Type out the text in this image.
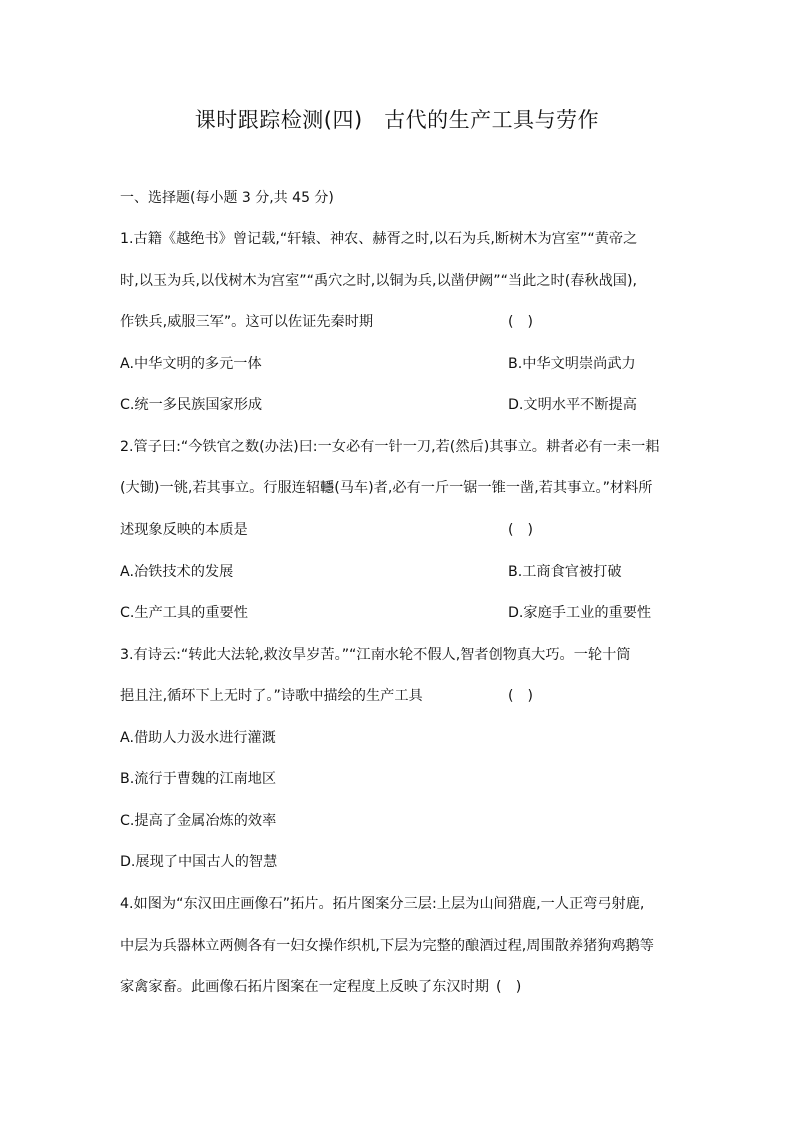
课时跟踪检测(四)　古代的生产工具与劳作
一、选择题(每小题 3 分,共 45 分)
1.古籍《越绝书》曾记载,“轩辕、神农、赫胥之时,以石为兵,断树木为宫室”“黄帝之
时,以玉为兵,以伐树木为宫室”“禹穴之时,以铜为兵,以凿伊阙”“当此之时(春秋战国),
作铁兵,威服三军”。这可以佐证先秦时期	(　)
A.中华文明的多元一体	B.中华文明崇尚武力
C.统一多民族国家形成	D.文明水平不断提高
2.管子曰:“今铁官之数(办法)曰:一女必有一针一刀,若(然后)其事立。耕者必有一耒一耜
(大锄)一铫,若其事立。行服连轺𨏈(马车)者,必有一斤一锯一锥一凿,若其事立。”材料所
述现象反映的本质是	(　)
A.冶铁技术的发展	B.工商食官被打破
C.生产工具的重要性	D.家庭手工业的重要性
3.有诗云:“转此大法轮,救汝旱岁苦。”“江南水轮不假人,智者创物真大巧。一轮十筒
挹且注,循环下上无时了。”诗歌中描绘的生产工具	(　)
A.借助人力汲水进行灌溉
B.流行于曹魏的江南地区
C.提高了金属冶炼的效率
D.展现了中国古人的智慧
4.如图为“东汉田庄画像石”拓片。拓片图案分三层:上层为山间猎鹿,一人正弯弓射鹿,
中层为兵器林立两侧各有一妇女操作织机,下层为完整的酿酒过程,周围散养猪狗鸡鹅等
家禽家畜。此画像石拓片图案在一定程度上反映了东汉时期 (　)
